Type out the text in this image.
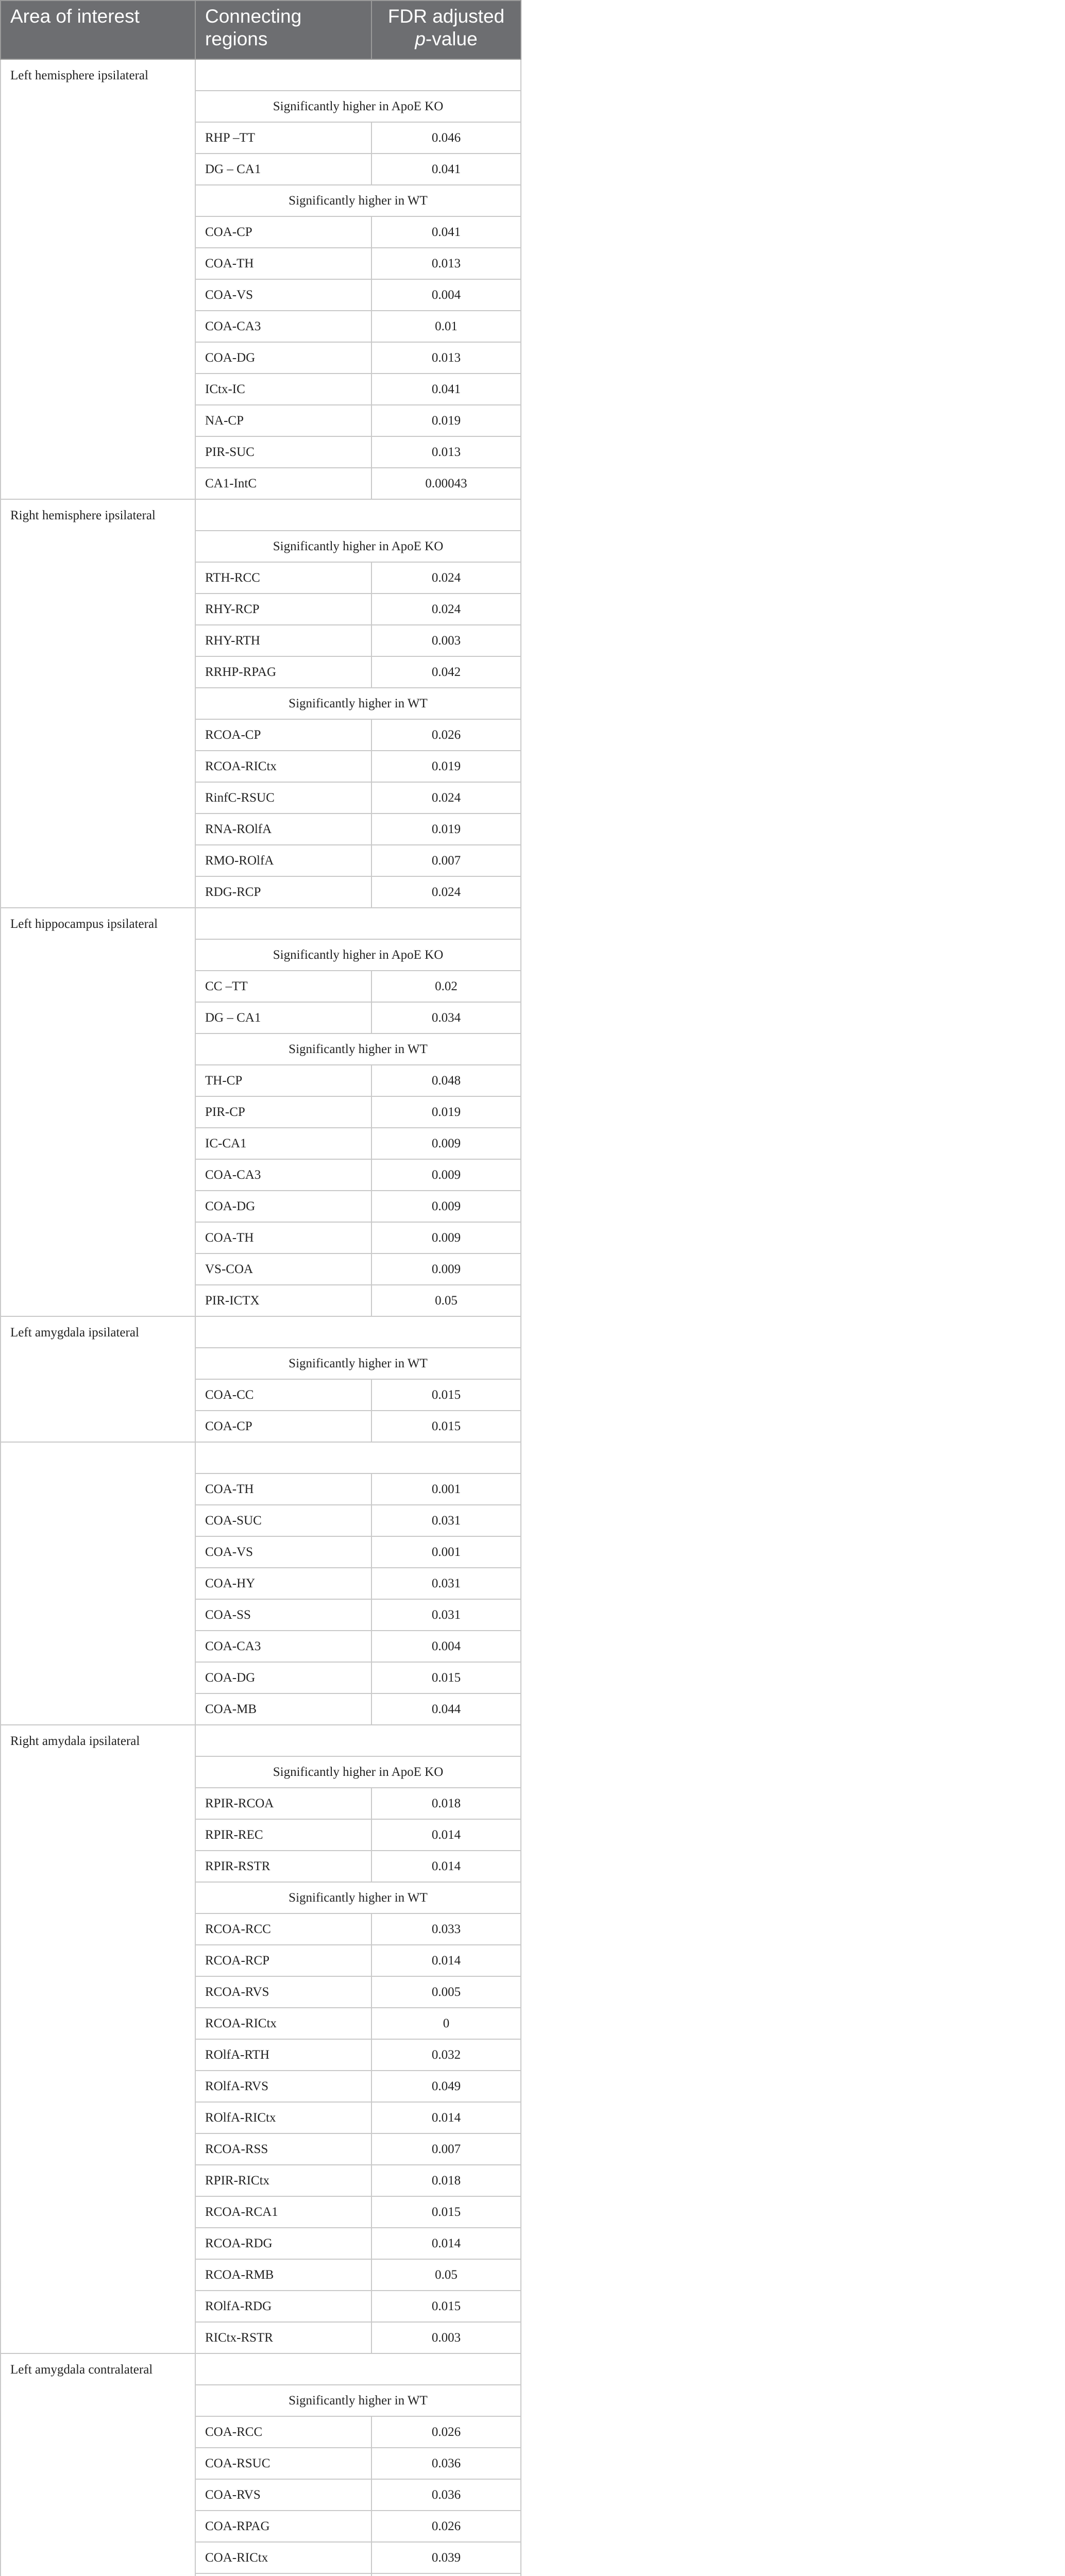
Area of interest	Connecting regions	FDR adjusted
p-value
Left hemisphere ipsilateral		
	Significantly higher in ApoE KO	
	RHP –TT	0.046
	DG – CA1	0.041
	Significantly higher in WT	
	COA-CP	0.041
	COA-TH	0.013
	COA-VS	0.004
	COA-CA3	0.01
	COA-DG	0.013
	ICtx-IC	0.041
	NA-CP	0.019
	PIR-SUC	0.013
	CA1-IntC	0.00043
Right hemisphere ipsilateral		
	Significantly higher in ApoE KO	
	RTH-RCC	0.024
	RHY-RCP	0.024
	RHY-RTH	0.003
	RRHP-RPAG	0.042
	Significantly higher in WT	
	RCOA-CP	0.026
	RCOA-RICtx	0.019
	RinfC-RSUC	0.024
	RNA-ROlfA	0.019
	RMO-ROlfA	0.007
	RDG-RCP	0.024
Left hippocampus ipsilateral		
	Significantly higher in ApoE KO	
	CC –TT	0.02
	DG – CA1	0.034
	Significantly higher in WT	
	TH-CP	0.048
	PIR-CP	0.019
	IC-CA1	0.009
	COA-CA3	0.009
	COA-DG	0.009
	COA-TH	0.009
	VS-COA	0.009
	PIR-ICTX	0.05
Left amygdala ipsilateral		
	Significantly higher in WT	
	COA-CC	0.015
	COA-CP	0.015

	COA-TH	0.001
	COA-SUC	0.031
	COA-VS	0.001
	COA-HY	0.031
	COA-SS	0.031
	COA-CA3	0.004
	COA-DG	0.015
	COA-MB	0.044
Right amydala ipsilateral		
	Significantly higher in ApoE KO	
	RPIR-RCOA	0.018
	RPIR-REC	0.014
	RPIR-RSTR	0.014
	Significantly higher in WT	
	RCOA-RCC	0.033
	RCOA-RCP	0.014
	RCOA-RVS	0.005
	RCOA-RICtx	0
	ROlfA-RTH	0.032
	ROlfA-RVS	0.049
	ROlfA-RICtx	0.014
	RCOA-RSS	0.007
	RPIR-RICtx	0.018
	RCOA-RCA1	0.015
	RCOA-RDG	0.014
	RCOA-RMB	0.05
	ROlfA-RDG	0.015
	RICtx-RSTR	0.003
Left amygdala contralateral		
	Significantly higher in WT	
	COA-RCC	0.026
	COA-RSUC	0.036
	COA-RVS	0.036
	COA-RPAG	0.026
	COA-RICtx	0.039
